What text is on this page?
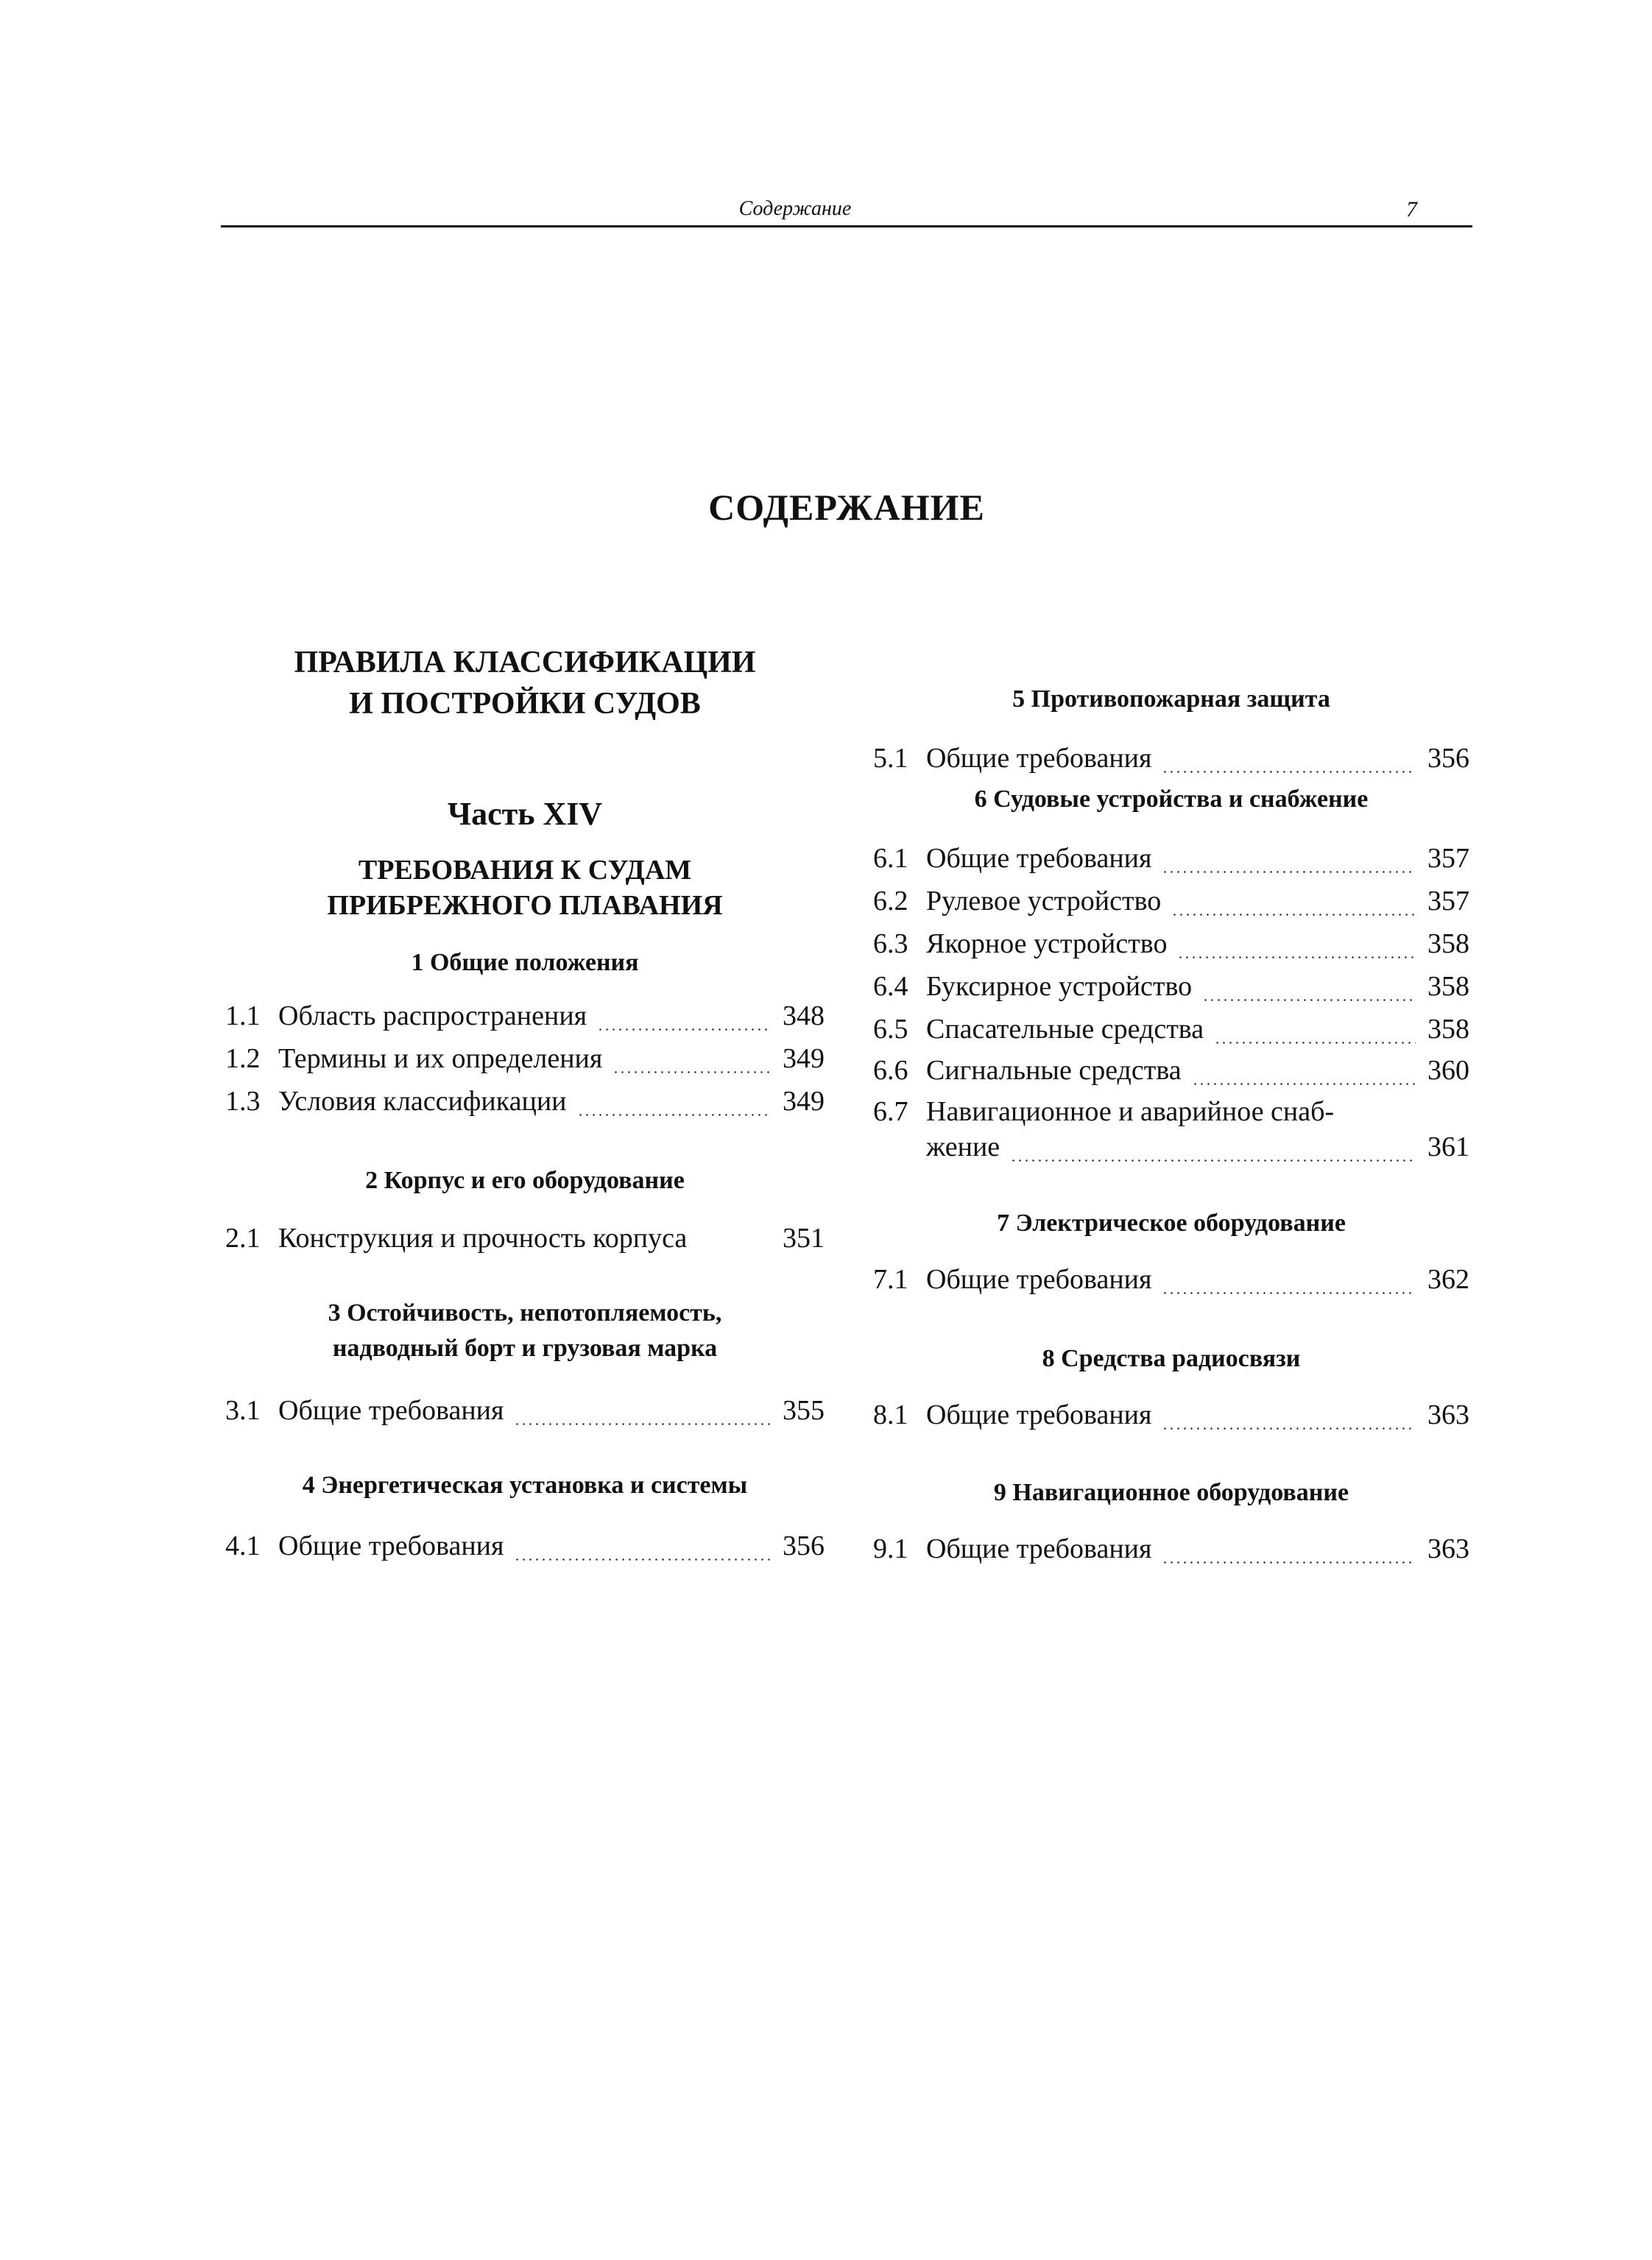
Содержание	7
СОДЕРЖАНИЕ
ПРАВИЛА КЛАССИФИКАЦИИ
И ПОСТРОЙКИ СУДОВ
Часть XIV
ТРЕБОВАНИЯ К СУДАМ
ПРИБРЕЖНОГО ПЛАВАНИЯ
1 Общие положения
1.1 Область распространения	348
1.2 Термины и их определения	349
1.3 Условия классификации	349
2 Корпус и его оборудование
2.1 Конструкция и прочность корпуса	351
3 Остойчивость, непотопляемость,
надводный борт и грузовая марка
3.1 Общие требования	355
4 Энергетическая установка и системы
4.1 Общие требования	356
5 Противопожарная защита
5.1 Общие требования	356
6 Судовые устройства и снабжение
6.1 Общие требования	357
6.2 Рулевое устройство	357
6.3 Якорное устройство	358
6.4 Буксирное устройство	358
6.5 Спасательные средства	358
6.6 Сигнальные средства	360
6.7 Навигационное и аварийное снаб-
жение	361
7 Электрическое оборудование
7.1 Общие требования	362
8 Средства радиосвязи
8.1 Общие требования	363
9 Навигационное оборудование
9.1 Общие требования	363
